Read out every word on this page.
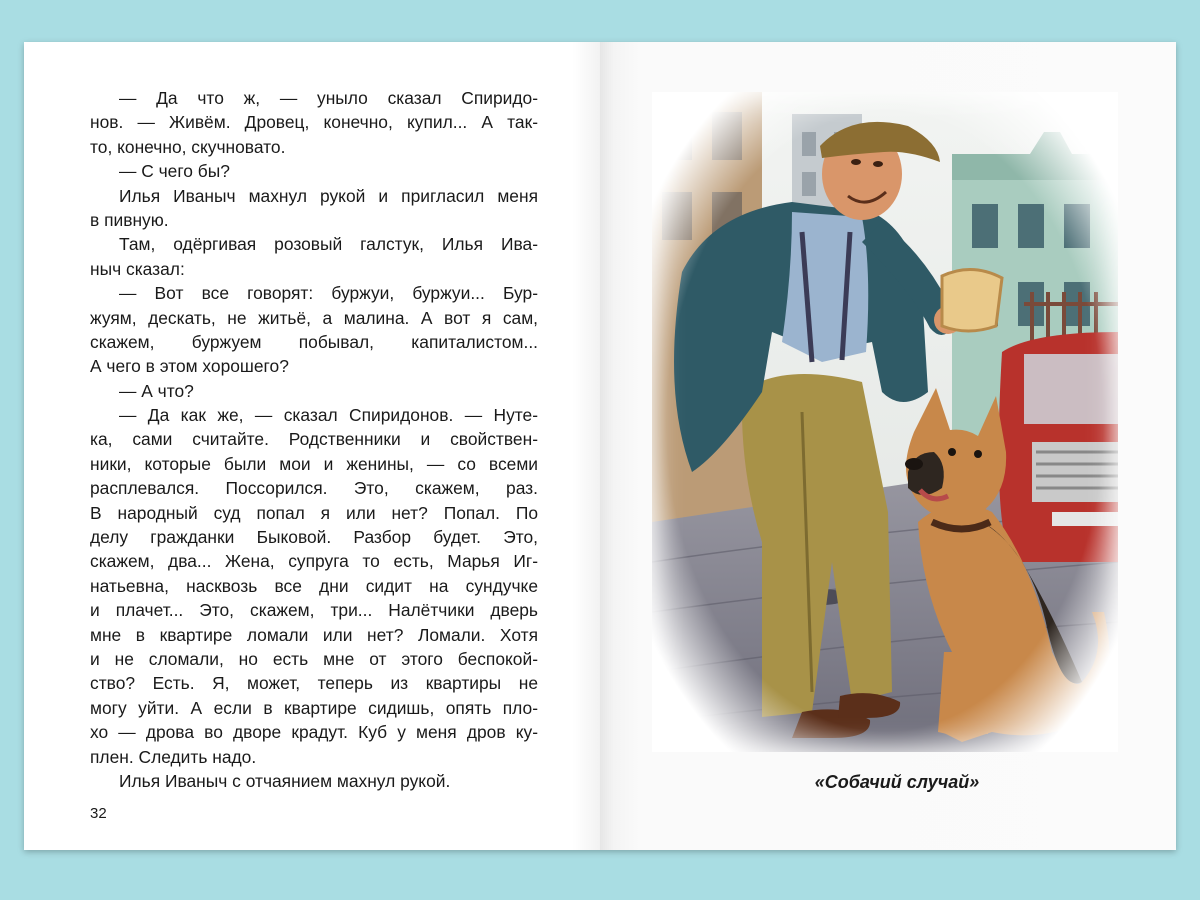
— Да что ж, — уныло сказал Спиридо-
нов. — Живём. Дровец, конечно, купил... А так-
то, конечно, скучновато.
— С чего бы?
Илья Иваныч махнул рукой и пригласил меня
в пивную.
Там, одёргивая розовый галстук, Илья Ива-
ныч сказал:
— Вот все говорят: буржуи, буржуи... Бур-
жуям, дескать, не житьё, а малина. А вот я сам,
скажем, буржуем побывал, капиталистом...
А чего в этом хорошего?
— А что?
— Да как же, — сказал Спиридонов. — Нуте-
ка, сами считайте. Родственники и свойствен-
ники, которые были мои и женины, — со всеми
расплевался. Поссорился. Это, скажем, раз.
В народный суд попал я или нет? Попал. По
делу гражданки Быковой. Разбор будет. Это,
скажем, два... Жена, супруга то есть, Марья Иг-
натьевна, насквозь все дни сидит на сундучке
и плачет... Это, скажем, три... Налётчики дверь
мне в квартире ломали или нет? Ломали. Хотя
и не сломали, но есть мне от этого беспокой-
ство? Есть. Я, может, теперь из квартиры не
могу уйти. А если в квартире сидишь, опять пло-
хо — дрова во дворе крадут. Куб у меня дров ку-
плен. Следить надо.
Илья Иваныч с отчаянием махнул рукой.
32
«Собачий случай»
